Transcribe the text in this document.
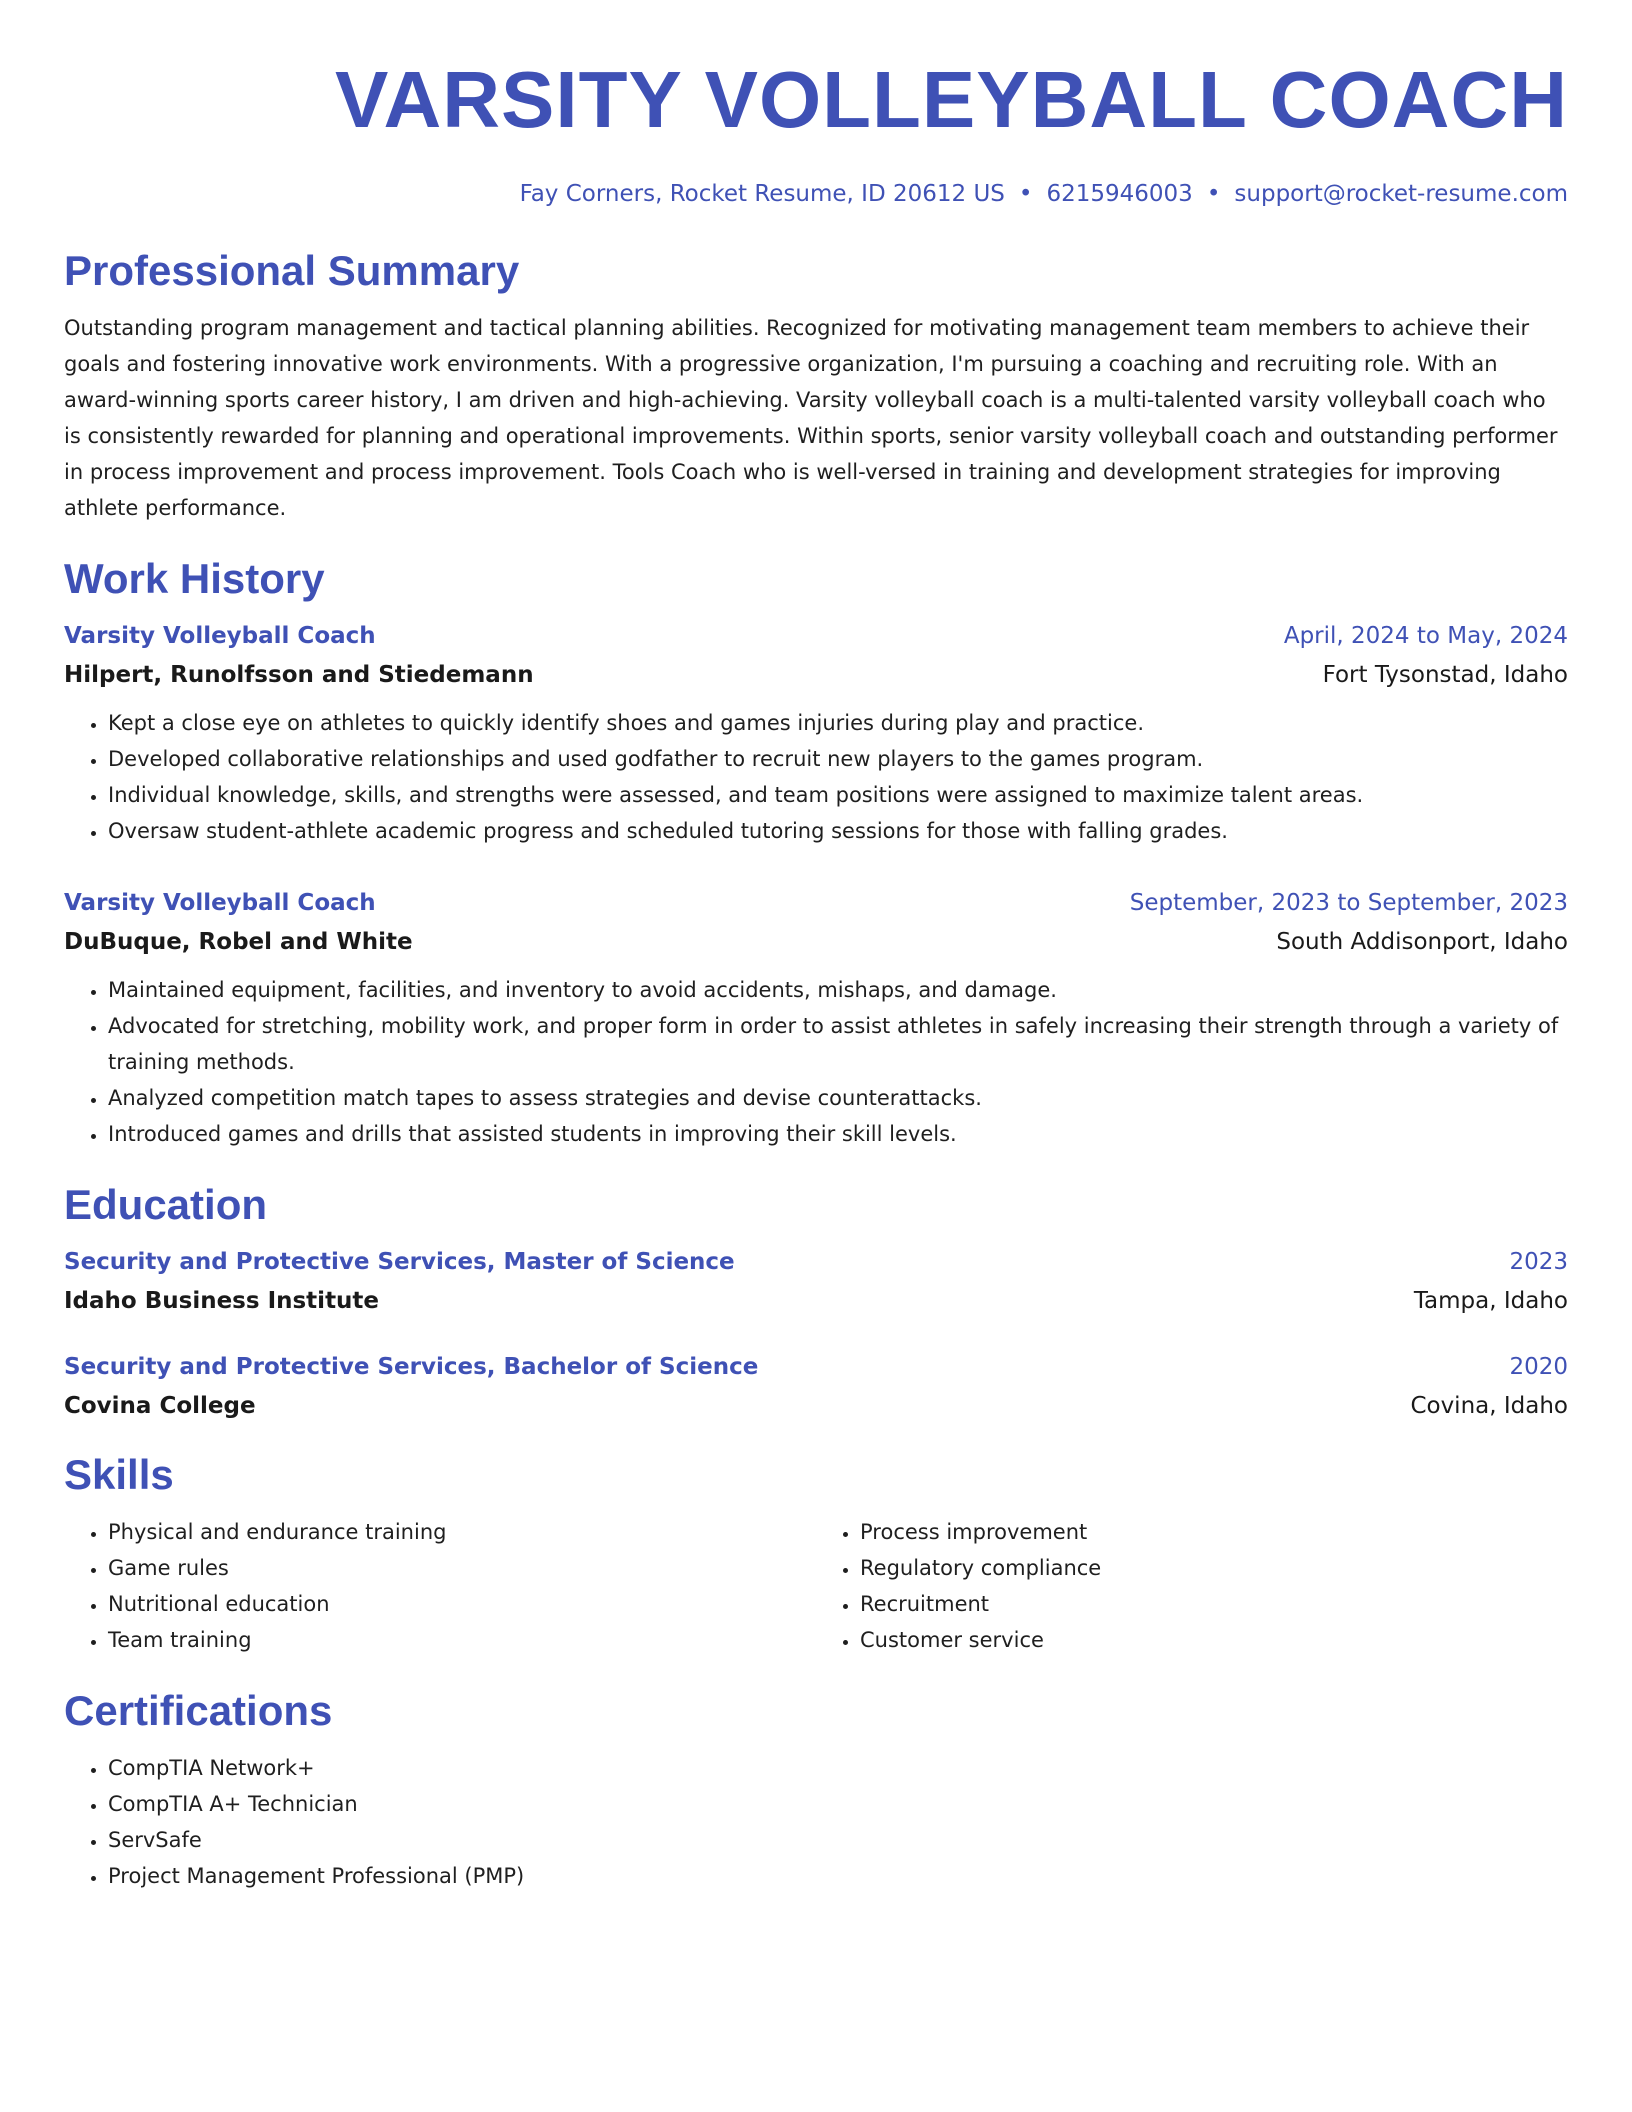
VARSITY VOLLEYBALL COACH
Fay Corners, Rocket Resume, ID 20612 US • 6215946003 • support@rocket-resume.com
Professional Summary
Outstanding program management and tactical planning abilities. Recognized for motivating management team members to achieve their goals and fostering innovative work environments. With a progressive organization, I'm pursuing a coaching and recruiting role. With an award-winning sports career history, I am driven and high-achieving. Varsity volleyball coach is a multi-talented varsity volleyball coach who is consistently rewarded for planning and operational improvements. Within sports, senior varsity volleyball coach and outstanding performer in process improvement and process improvement. Tools Coach who is well-versed in training and development strategies for improving athlete performance.
Work History
Varsity Volleyball Coach	April, 2024 to May, 2024
Hilpert, Runolfsson and Stiedemann	Fort Tysonstad, Idaho
• Kept a close eye on athletes to quickly identify shoes and games injuries during play and practice.
• Developed collaborative relationships and used godfather to recruit new players to the games program.
• Individual knowledge, skills, and strengths were assessed, and team positions were assigned to maximize talent areas.
• Oversaw student-athlete academic progress and scheduled tutoring sessions for those with falling grades.
Varsity Volleyball Coach	September, 2023 to September, 2023
DuBuque, Robel and White	South Addisonport, Idaho
• Maintained equipment, facilities, and inventory to avoid accidents, mishaps, and damage.
• Advocated for stretching, mobility work, and proper form in order to assist athletes in safely increasing their strength through a variety of training methods.
• Analyzed competition match tapes to assess strategies and devise counterattacks.
• Introduced games and drills that assisted students in improving their skill levels.
Education
Security and Protective Services, Master of Science	2023
Idaho Business Institute	Tampa, Idaho
Security and Protective Services, Bachelor of Science	2020
Covina College	Covina, Idaho
Skills
• Physical and endurance training
• Game rules
• Nutritional education
• Team training
• Process improvement
• Regulatory compliance
• Recruitment
• Customer service
Certifications
• CompTIA Network+
• CompTIA A+ Technician
• ServSafe
• Project Management Professional (PMP)
